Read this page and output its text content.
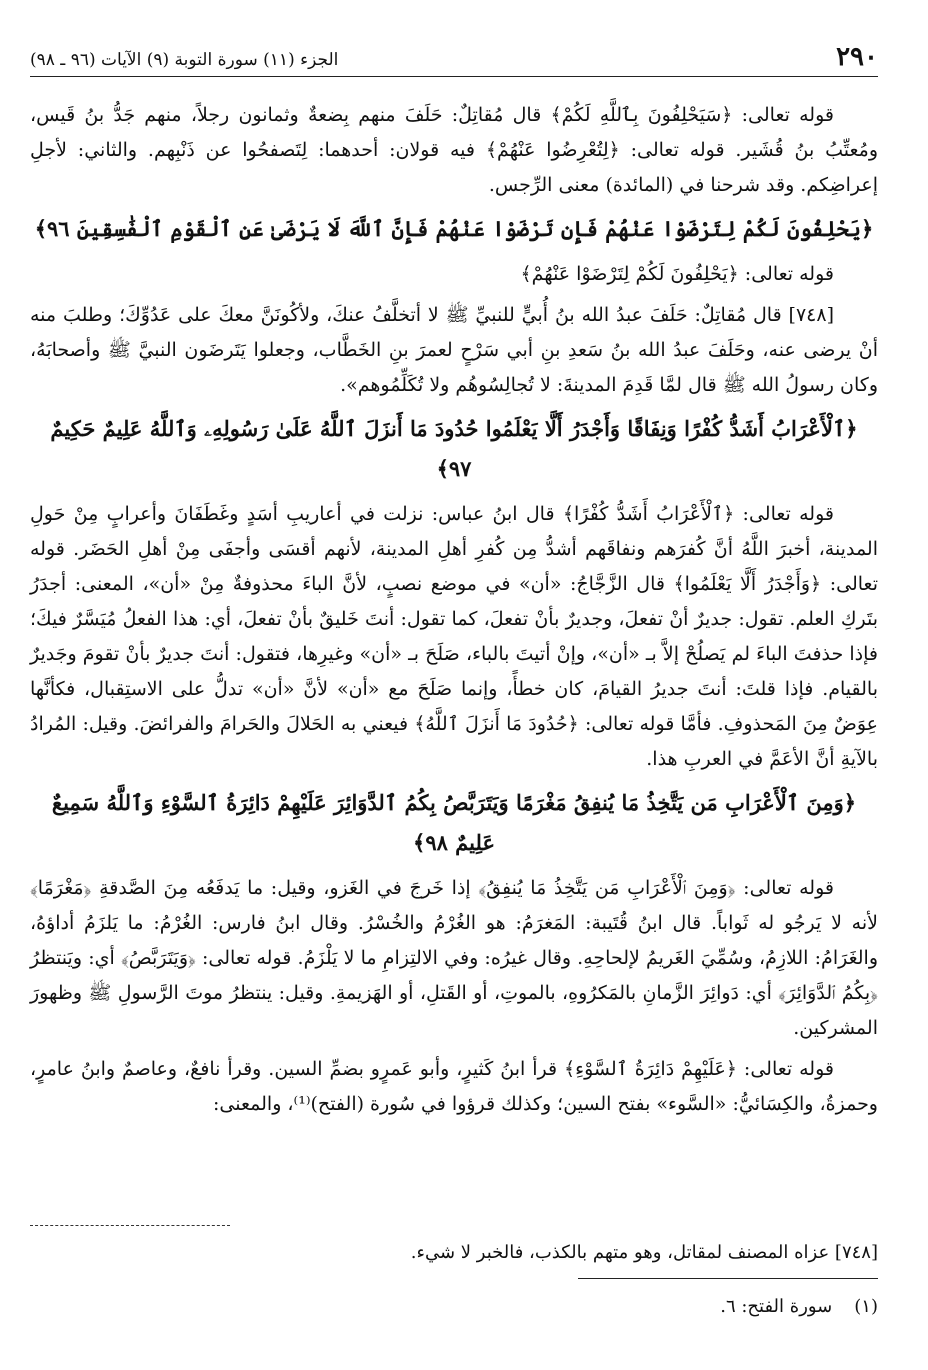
٢٩٠
الجزء (١١) سورة التوبة (٩) الآيات (٩٦ ـ ٩٨)

قوله تعالى: ﴿سَيَحْلِفُونَ بِٱللَّهِ لَكُمْ﴾ قال مُقاتِلٌ: حَلَفَ منهم بِضعةٌ وثمانون رجلاً، منهم جَدُّ بنُ قَيس، ومُعتِّبُ بنُ قُشَير. قوله تعالى: ﴿لِتُعْرِضُوا عَنْهُمْ﴾ فيه قولان: أحدهما: لِتَصفحُوا عن ذَنْبِهم. والثاني: لأجلِ إعراضِكم. وقد شرحنا في (المائدة) معنى الرِّجس.

﴿يَحْلِفُونَ لَكُمْ لِتَرْضَوْا عَنْهُمْ فَإِن تَرْضَوْا عَنْهُمْ فَإِنَّ ٱللَّهَ لَا يَرْضَىٰ عَنِ ٱلْقَوْمِ ٱلْفَٰسِقِينَ ٩٦﴾

قوله تعالى: ﴿يَحْلِفُونَ لَكُمْ لِتَرْضَوْا عَنْهُمْ﴾

[٧٤٨] قال مُقاتِلٌ: حَلَفَ عبدُ الله بنُ أُبيٍّ للنبيِّ ﷺ لا أتخلَّفُ عنكَ، ولأكُونَنَّ معكَ على عَدُوِّكَ؛ وطلبَ منه أنْ يرضى عنه، وحَلَفَ عبدُ الله بنُ سَعدِ بنِ أبي سَرْحٍ لعمرَ بنِ الخَطَّاب، وجعلوا يَتَرضَون النبيَّ ﷺ وأصحابَهُ، وكان رسولُ الله ﷺ قال لمَّا قَدِمَ المدينةَ: لا تُجالِسُوهُم ولا تُكَلِّمُوهم».

﴿ٱلْأَعْرَابُ أَشَدُّ كُفْرًا وَنِفَاقًا وَأَجْدَرُ أَلَّا يَعْلَمُوا حُدُودَ مَا أَنزَلَ ٱللَّهُ عَلَىٰ رَسُولِهِۦ وَٱللَّهُ عَلِيمٌ حَكِيمٌ ٩٧﴾

قوله تعالى: ﴿ٱلْأَعْرَابُ أَشَدُّ كُفْرًا﴾ قال ابنُ عباس: نزلت في أعاريبِ أسَدٍ وغَطَفَانَ وأعرابٍ مِنْ حَولِ المدينة، أخبرَ اللَّهُ أنَّ كُفرَهم ونفاقَهم أشدُّ مِن كُفرِ أهلِ المدينة، لأنهم أقسَى وأجفَى مِنْ أهلِ الحَضَر. قوله تعالى: ﴿وَأَجْدَرُ أَلَّا يَعْلَمُوا﴾ قال الزَّجَّاجُ: «أن» في موضع نصبٍ، لأنَّ الباءَ محذوفةٌ مِنْ «أن»، المعنى: أجدَرُ بتَركِ العلم. تقول: جديرٌ أنْ تفعلَ، وجديرٌ بأنْ تفعلَ، كما تقول: أنتَ خَليقٌ بأنْ تفعلَ، أي: هذا الفعلُ مُيَسَّرٌ فيكَ؛ فإذا حذفتَ الباءَ لم يَصلُحْ إلاَّ بـ «أن»، وإنْ أتيتَ بالباء، صَلَحَ بـ «أن» وغيرِها، فتقول: أنتَ جديرٌ بأنْ تقومَ وجَديرٌ بالقيام. فإذا قلتَ: أنتَ جديرُ القيامَ، كان خطأً، وإنما صَلَحَ مع «أن» لأنَّ «أن» تدلُّ على الاستِقبال، فكأنَّها عِوَضٌ مِنَ المَحذوفِ. فأمَّا قوله تعالى: ﴿حُدُودَ مَا أَنزَلَ ٱللَّهُ﴾ فيعني به الحَلالَ والحَرامَ والفرائضَ. وقيل: المُرادُ بالآيةِ أنَّ الأعَمَّ في العربِ هذا.

﴿وَمِنَ ٱلْأَعْرَابِ مَن يَتَّخِذُ مَا يُنفِقُ مَغْرَمًا وَيَتَرَبَّصُ بِكُمُ ٱلدَّوَائِرَ عَلَيْهِمْ دَائِرَةُ ٱلسَّوْءِ وَٱللَّهُ سَمِيعٌ عَلِيمٌ ٩٨﴾

قوله تعالى: ﴿وَمِنَ ٱلْأَعْرَابِ مَن يَتَّخِذُ مَا يُنفِقُ﴾ إذا خَرجَ في الغَزو، وقيل: ما يَدفَعُه مِنَ الصَّدقةِ ﴿مَغْرَمًا﴾ لأنه لا يَرجُو له ثَواباً. قال ابنُ قُتَيبة: المَغرَمُ: هو الغُرْمُ والخُسْرُ. وقال ابنُ فارس: الغُرْمُ: ما يَلزَمُ أداؤهُ، والغَرَامُ: اللازِمُ، وسُمِّيَ الغَريمُ لإلحاحِهِ. وقال غيرُه: وفي الالتِزامِ ما لا يَلْزَمُ. قوله تعالى: ﴿وَيَتَرَبَّصُ﴾ أي: ويَنتظرُ ﴿بِكُمُ ٱلدَّوَائِرَ﴾ أي: دَوائِرَ الزَّمانِ بالمَكرُوهِ، بالموتِ، أو القَتلِ، أو الهَزيمةِ. وقيل: ينتظرُ موتَ الرَّسولِ ﷺ وظهورَ المشركين.

قوله تعالى: ﴿عَلَيْهِمْ دَائِرَةُ ٱلسَّوْءِ﴾ قرأ ابنُ كَثيرٍ، وأبو عَمرٍو بضمِّ السين. وقرأ نافعٌ، وعاصمٌ وابنُ عامرٍ، وحمزةُ، والكِسَائيُّ: «السَّوء» بفتح السين؛ وكذلك قرؤوا في سُورة (الفتح)⁽¹⁾، والمعنى:

[٧٤٨] عزاه المصنف لمقاتل، وهو متهم بالكذب، فالخبر لا شيء.
(١) سورة الفتح: ٦.
